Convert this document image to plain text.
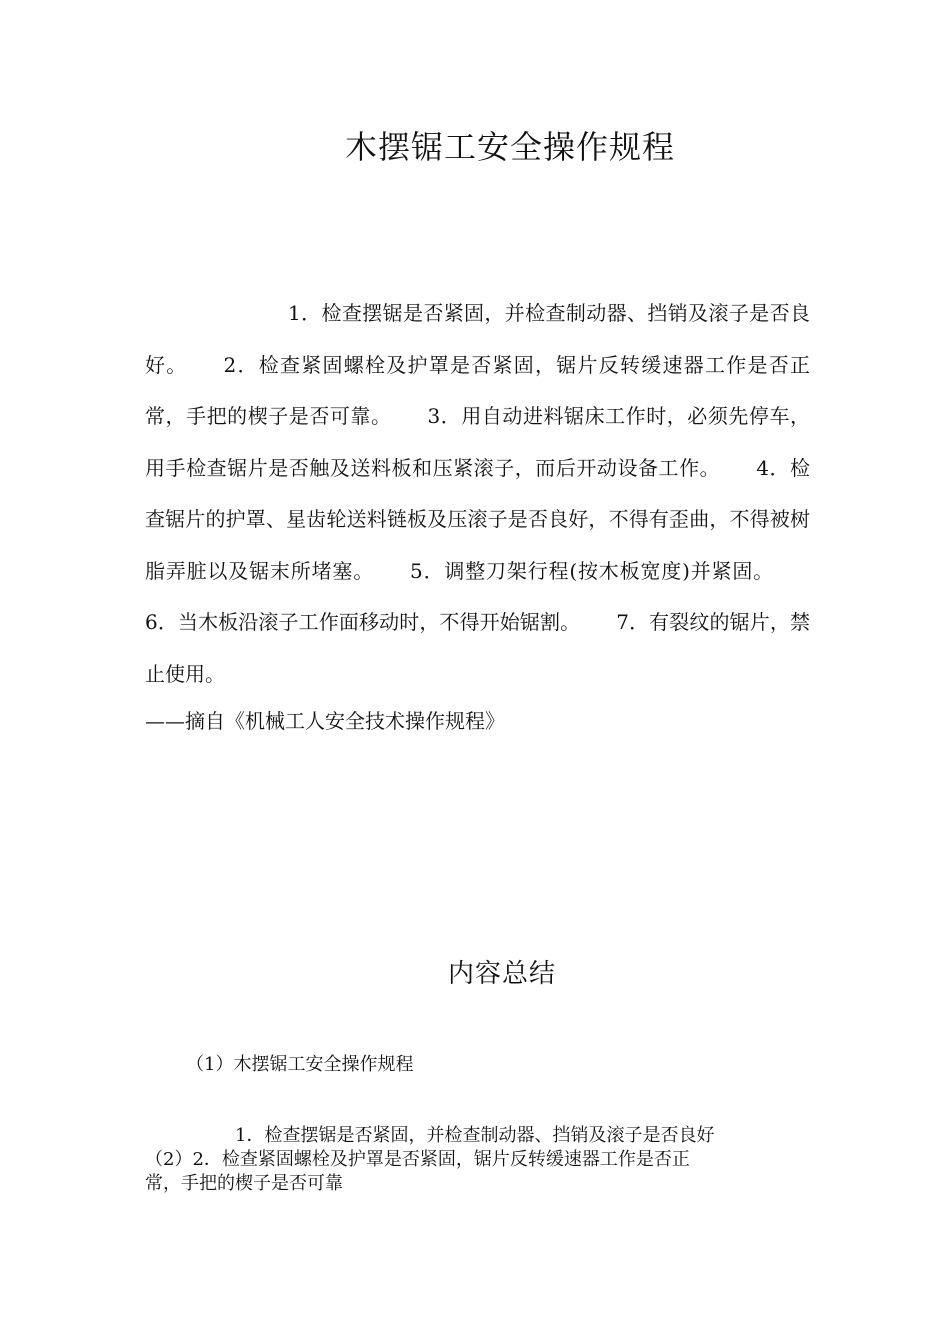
木摆锯工安全操作规程
1．检查摆锯是否紧固，并检查制动器、挡销及滚子是否良好。 2．检查紧固螺栓及护罩是否紧固，锯片反转缓速器工作是否正常，手把的楔子是否可靠。 3．用自动进料锯床工作时，必须先停车，用手检查锯片是否触及送料板和压紧滚子，而后开动设备工作。 4．检查锯片的护罩、星齿轮送料链板及压滚子是否良好，不得有歪曲，不得被树脂弄脏以及锯末所堵塞。 5．调整刀架行程(按木板宽度)并紧固。6．当木板沿滚子工作面移动时，不得开始锯割。 7．有裂纹的锯片，禁止使用。
——摘自《机械工人安全技术操作规程》
内容总结
（1）木摆锯工安全操作规程
1．检查摆锯是否紧固，并检查制动器、挡销及滚子是否良好
（2）2．检查紧固螺栓及护罩是否紧固，锯片反转缓速器工作是否正
常，手把的楔子是否可靠
